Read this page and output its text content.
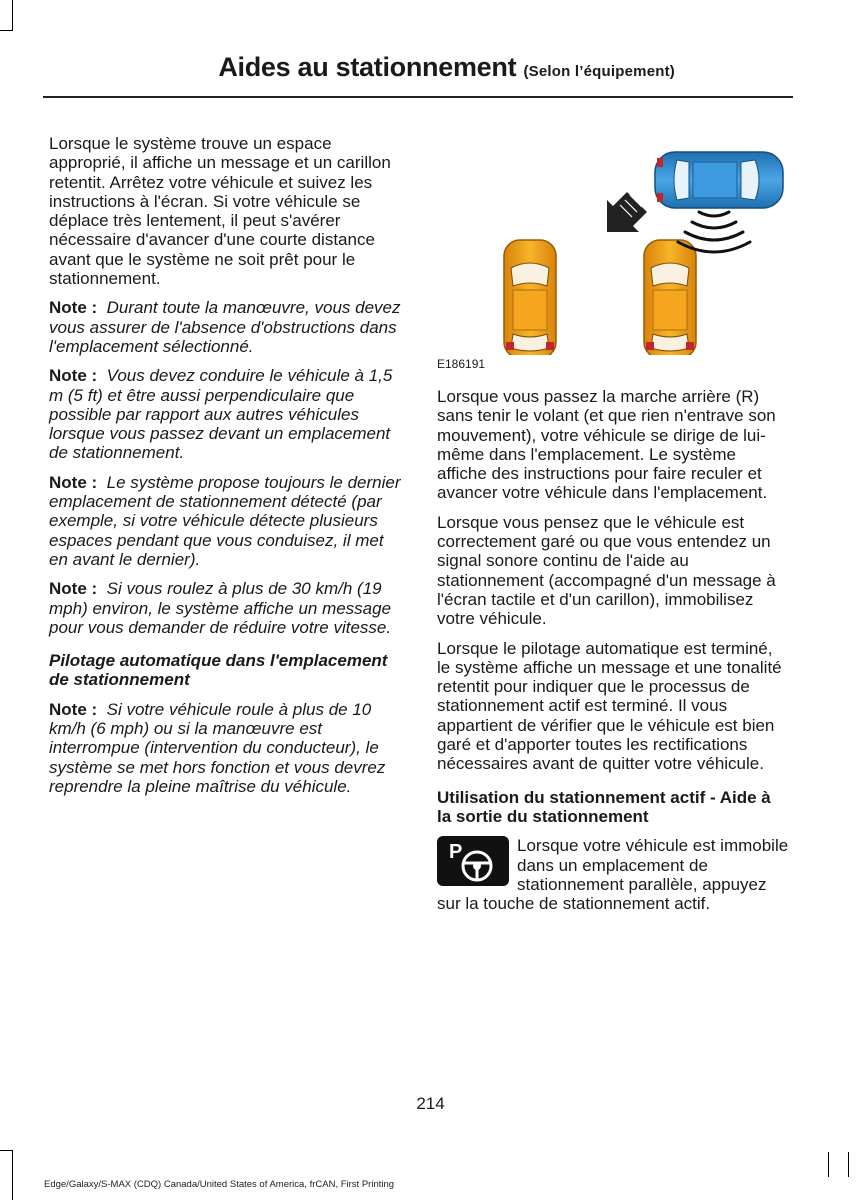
Aides au stationnement (Selon l’équipement)

Lorsque le système trouve un espace approprié, il affiche un message et un carillon retentit. Arrêtez votre véhicule et suivez les instructions à l'écran. Si votre véhicule se déplace très lentement, il peut s'avérer nécessaire d'avancer d'une courte distance avant que le système ne soit prêt pour le stationnement.

Note : Durant toute la manœuvre, vous devez vous assurer de l'absence d'obstructions dans l'emplacement sélectionné.

Note : Vous devez conduire le véhicule à 1,5 m (5 ft) et être aussi perpendiculaire que possible par rapport aux autres véhicules lorsque vous passez devant un emplacement de stationnement.

Note : Le système propose toujours le dernier emplacement de stationnement détecté (par exemple, si votre véhicule détecte plusieurs espaces pendant que vous conduisez, il met en avant le dernier).

Note : Si vous roulez à plus de 30 km/h (19 mph) environ, le système affiche un message pour vous demander de réduire votre vitesse.

Pilotage automatique dans l'emplacement de stationnement

Note : Si votre véhicule roule à plus de 10 km/h (6 mph) ou si la manœuvre est interrompue (intervention du conducteur), le système se met hors fonction et vous devrez reprendre la pleine maîtrise du véhicule.

E186191

Lorsque vous passez la marche arrière (R) sans tenir le volant (et que rien n'entrave son mouvement), votre véhicule se dirige de lui-même dans l'emplacement. Le système affiche des instructions pour faire reculer et avancer votre véhicule dans l'emplacement.

Lorsque vous pensez que le véhicule est correctement garé ou que vous entendez un signal sonore continu de l'aide au stationnement (accompagné d'un message à l'écran tactile et d'un carillon), immobilisez votre véhicule.

Lorsque le pilotage automatique est terminé, le système affiche un message et une tonalité retentit pour indiquer que le processus de stationnement actif est terminé. Il vous appartient de vérifier que le véhicule est bien garé et d'apporter toutes les rectifications nécessaires avant de quitter votre véhicule.

Utilisation du stationnement actif - Aide à la sortie du stationnement

P	Lorsque votre véhicule est immobile dans un emplacement de stationnement parallèle, appuyez sur la touche de stationnement actif.
214
Edge/Galaxy/S-MAX (CDQ) Canada/United States of America, frCAN, First Printing
